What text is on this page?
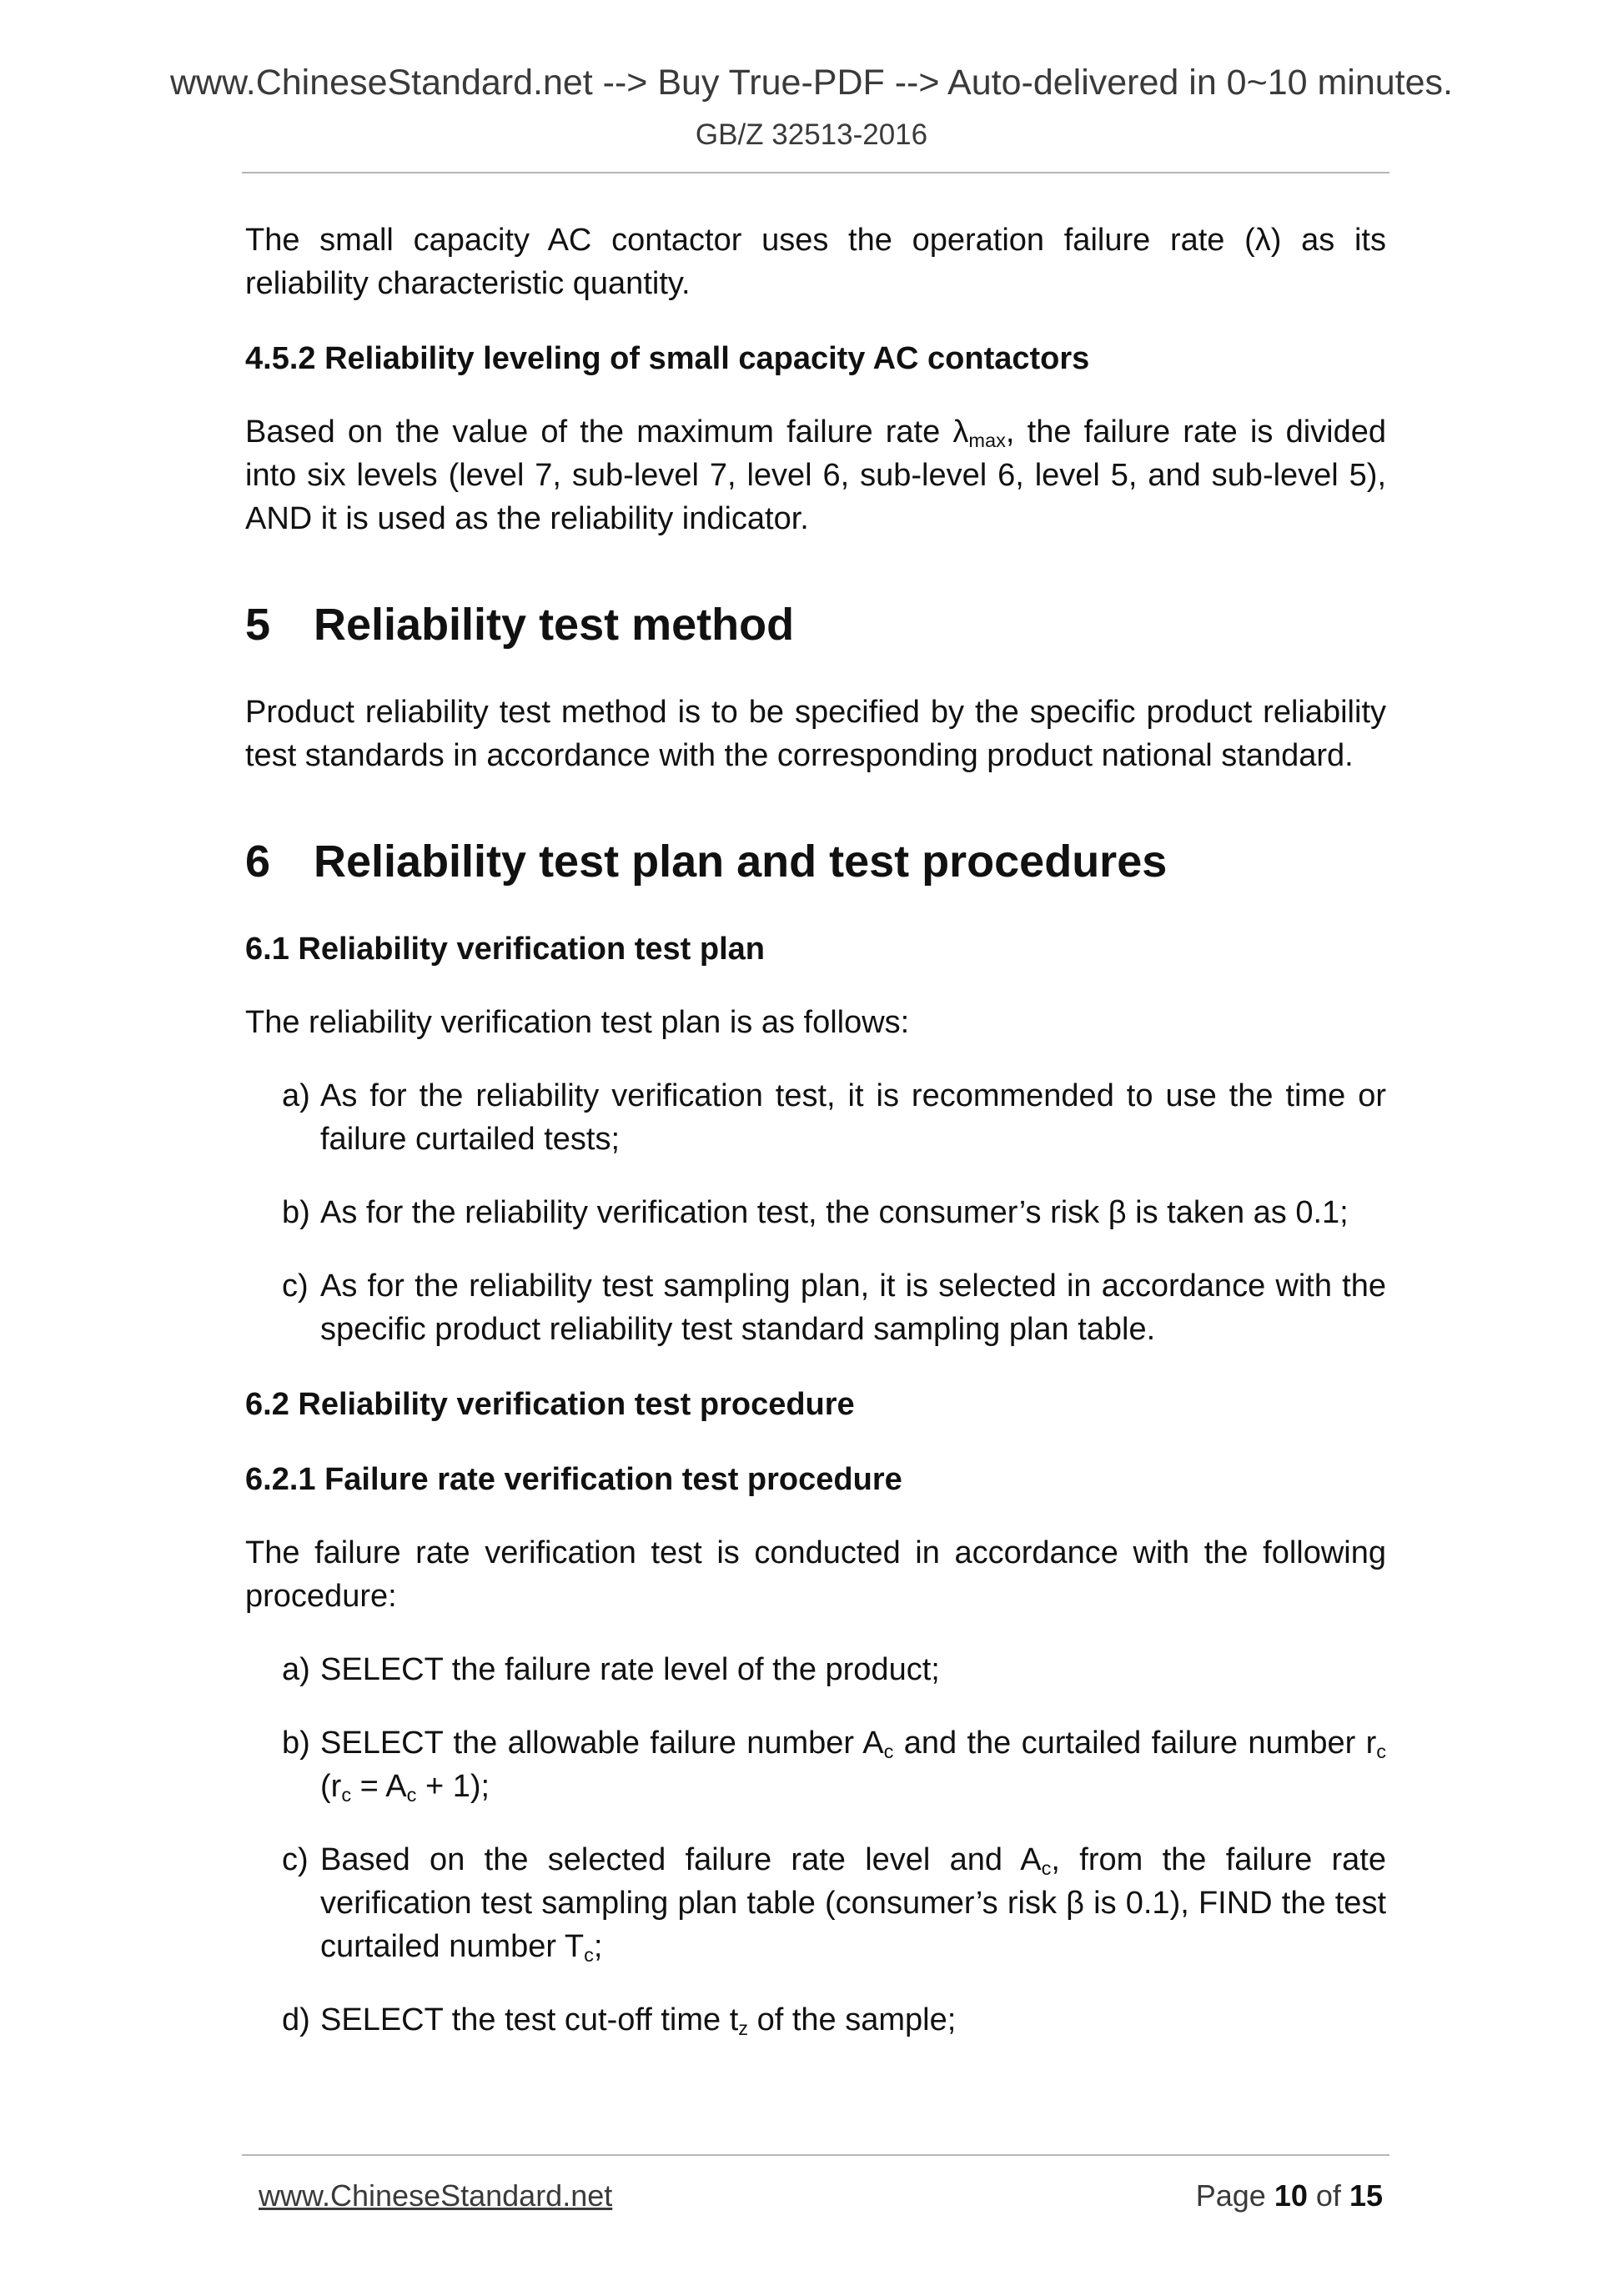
www.ChineseStandard.net --> Buy True-PDF --> Auto-delivered in 0~10 minutes.
GB/Z 32513-2016

The small capacity AC contactor uses the operation failure rate (λ) as its reliability characteristic quantity.

4.5.2 Reliability leveling of small capacity AC contactors

Based on the value of the maximum failure rate $\lambda_{max}$, the failure rate is divided into six levels (level 7, sub-level 7, level 6, sub-level 6, level 5, and sub-level 5), AND it is used as the reliability indicator.

5 Reliability test method

Product reliability test method is to be specified by the specific product reliability test standards in accordance with the corresponding product national standard.

6 Reliability test plan and test procedures
6.1 Reliability verification test plan

The reliability verification test plan is as follows:

a) As for the reliability verification test, it is recommended to use the time or failure curtailed tests;
b) As for the reliability verification test, the consumer’s risk β is taken as 0.1;
c) As for the reliability test sampling plan, it is selected in accordance with the specific product reliability test standard sampling plan table.
6.2 Reliability verification test procedure
6.2.1 Failure rate verification test procedure

The failure rate verification test is conducted in accordance with the following procedure:

a) SELECT the failure rate level of the product;
b) SELECT the allowable failure number $A_c$ and the curtailed failure number $r_c$ $(r_c = A_c + 1)$;
c) Based on the selected failure rate level and $A_c$, from the failure rate verification test sampling plan table (consumer’s risk β is 0.1), FIND the test curtailed number $T_c$;
d) SELECT the test cut-off time $t_z$ of the sample;
www.ChineseStandard.net	Page 10 of 15
